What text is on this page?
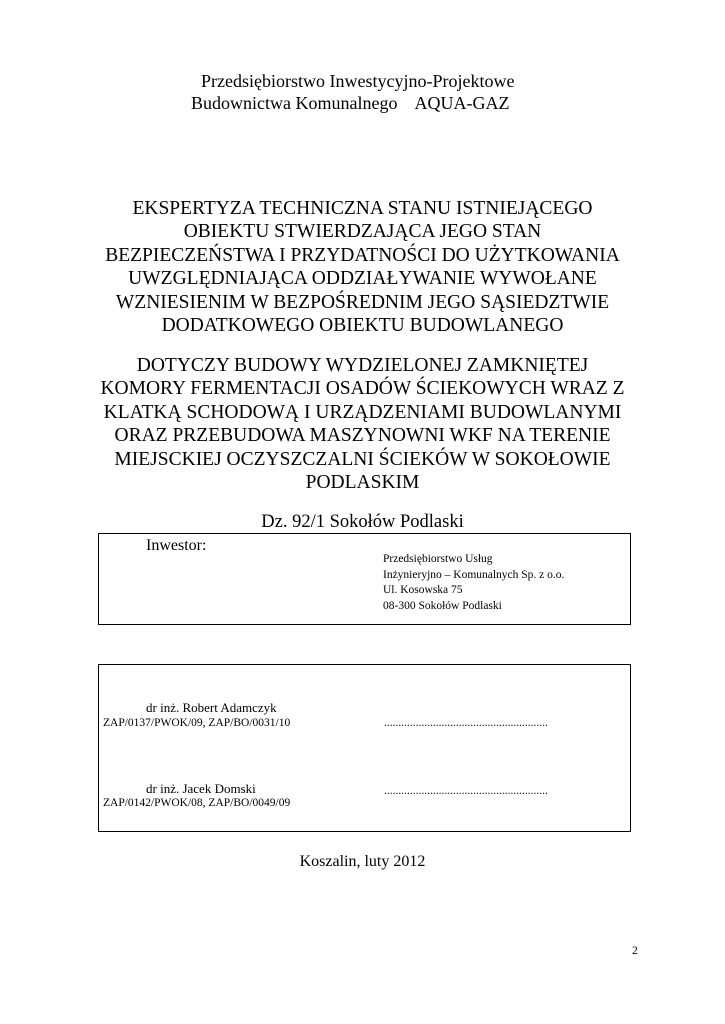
Przedsiębiorstwo Inwestycyjno-Projektowe
Budownictwa Komunalnego    AQUA-GAZ
EKSPERTYZA TECHNICZNA STANU ISTNIEJĄCEGO
OBIEKTU STWIERDZAJĄCA JEGO STAN
BEZPIECZEŃSTWA I PRZYDATNOŚCI DO UŻYTKOWANIA
UWZGLĘDNIAJĄCA ODDZIAŁYWANIE WYWOŁANE
WZNIESIENIM W BEZPOŚREDNIM JEGO SĄSIEDZTWIE
DODATKOWEGO OBIEKTU BUDOWLANEGO
DOTYCZY BUDOWY WYDZIELONEJ ZAMKNIĘTEJ
KOMORY FERMENTACJI OSADÓW ŚCIEKOWYCH WRAZ Z
KLATKĄ SCHODOWĄ I URZĄDZENIAMI BUDOWLANYMI
ORAZ PRZEBUDOWA MASZYNOWNI WKF NA TERENIE
MIEJSCKIEJ OCZYSZCZALNI ŚCIEKÓW W SOKOŁOWIE
PODLASKIM
Dz. 92/1 Sokołów Podlaski
Inwestor:
Przedsiębiorstwo Usług
Inżynieryjno – Komunalnych Sp. z o.o.
Ul. Kosowska 75
08-300 Sokołów Podlaski
dr inż. Robert Adamczyk
ZAP/0137/PWOK/09, ZAP/BO/0031/10	.........................................................
dr inż. Jacek Domski
ZAP/0142/PWOK/08, ZAP/BO/0049/09
.........................................................
Koszalin, luty 2012
2
